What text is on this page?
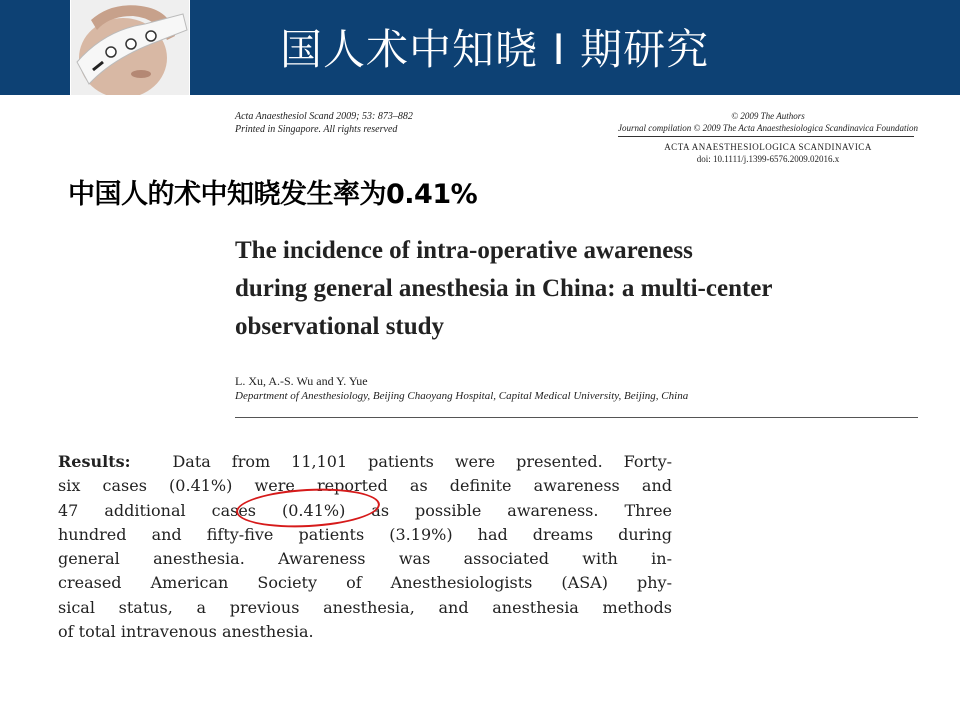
国人术中知晓 I 期研究
Acta Anaesthesiol Scand 2009; 53: 873–882
Printed in Singapore. All rights reserved
© 2009 The Authors
Journal compilation © 2009 The Acta Anaesthesiologica Scandinavica Foundation
ACTA ANAESTHESIOLOGICA SCANDINAVICA
doi: 10.1111/j.1399-6576.2009.02016.x
中国人的术中知晓发生率为0.41%
The incidence of intra-operative awareness
during general anesthesia in China: a multi-center
observational study
L. Xu, A.-S. Wu and Y. Yue
Department of Anesthesiology, Beijing Chaoyang Hospital, Capital Medical University, Beijing, China
Results:	Data from 11,101 patients were presented. Forty-
six cases (0.41%) were reported as definite awareness and
47 additional cases (0.41%) as possible awareness. Three
hundred and fifty-five patients (3.19%) had dreams during
general anesthesia. Awareness was associated with in-
creased American Society of Anesthesiologists (ASA) phy-
sical status, a previous anesthesia, and anesthesia methods
of total intravenous anesthesia.
